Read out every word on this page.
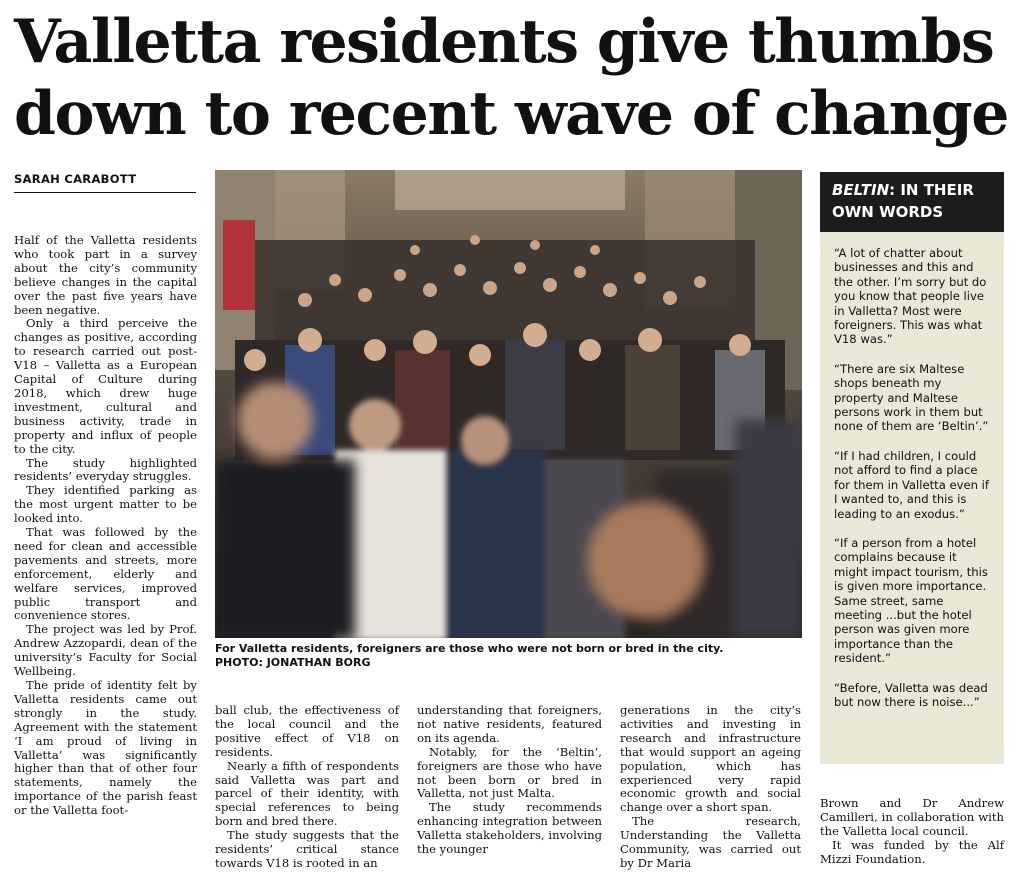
Valletta residents give thumbs
down to recent wave of change
SARAH CARABOTT

Half of the Valletta residents who took part in a survey about the city’s community believe changes in the capital over the past five years have been negative.

Only a third perceive the changes as positive, according to research carried out post-V18 – Valletta as a European Capital of Culture during 2018, which drew huge investment, cultural and business activity, trade in property and influx of people to the city.

The study highlighted residents’ everyday struggles.

They identified parking as the most urgent matter to be looked into.

That was followed by the need for clean and accessible pavements and streets, more enforcement, elderly and welfare services, improved public transport and convenience stores.

The project was led by Prof. Andrew Azzopardi, dean of the university’s Faculty for Social Wellbeing.

The pride of identity felt by Valletta residents came out strongly in the study. Agreement with the statement ‘I am proud of living in Valletta’ was significantly higher than that of other four statements, namely the importance of the parish feast or the Valletta foot-

For Valletta residents, foreigners are those who were not born or bred in the city.
PHOTO: JONATHAN BORG

ball club, the effectiveness of the local council and the positive effect of V18 on residents.

Nearly a fifth of respondents said Valletta was part and parcel of their identity, with special references to being born and bred there.

The study suggests that the residents’ critical stance towards V18 is rooted in an

understanding that foreigners, not native residents, featured on its agenda.

Notably, for the ‘Beltin’, foreigners are those who have not been born or bred in Valletta, not just Malta.

The study recommends enhancing integration between Valletta stakeholders, involving the younger

generations in the city’s activities and investing in research and infrastructure that would support an ageing population, which has experienced very rapid economic growth and social change over a short span.

The research, Understanding the Valletta Community, was carried out by Dr Maria

Brown and Dr Andrew Camilleri, in collaboration with the Valletta local council.

It was funded by the Alf Mizzi Foundation.

BELTIN: IN THEIR OWN WORDS

“A lot of chatter about businesses and this and the other. I’m sorry but do you know that people live in Valletta? Most were foreigners. This was what V18 was.”

“There are six Maltese shops beneath my property and Maltese persons work in them but none of them are ‘Beltin’.”

“If I had children, I could not afford to find a place for them in Valletta even if I wanted to, and this is leading to an exodus.”

“If a person from a hotel complains because it might impact tourism, this is given more importance. Same street, same meeting ...but the hotel person was given more importance than the resident.”

“Before, Valletta was dead but now there is noise...”
